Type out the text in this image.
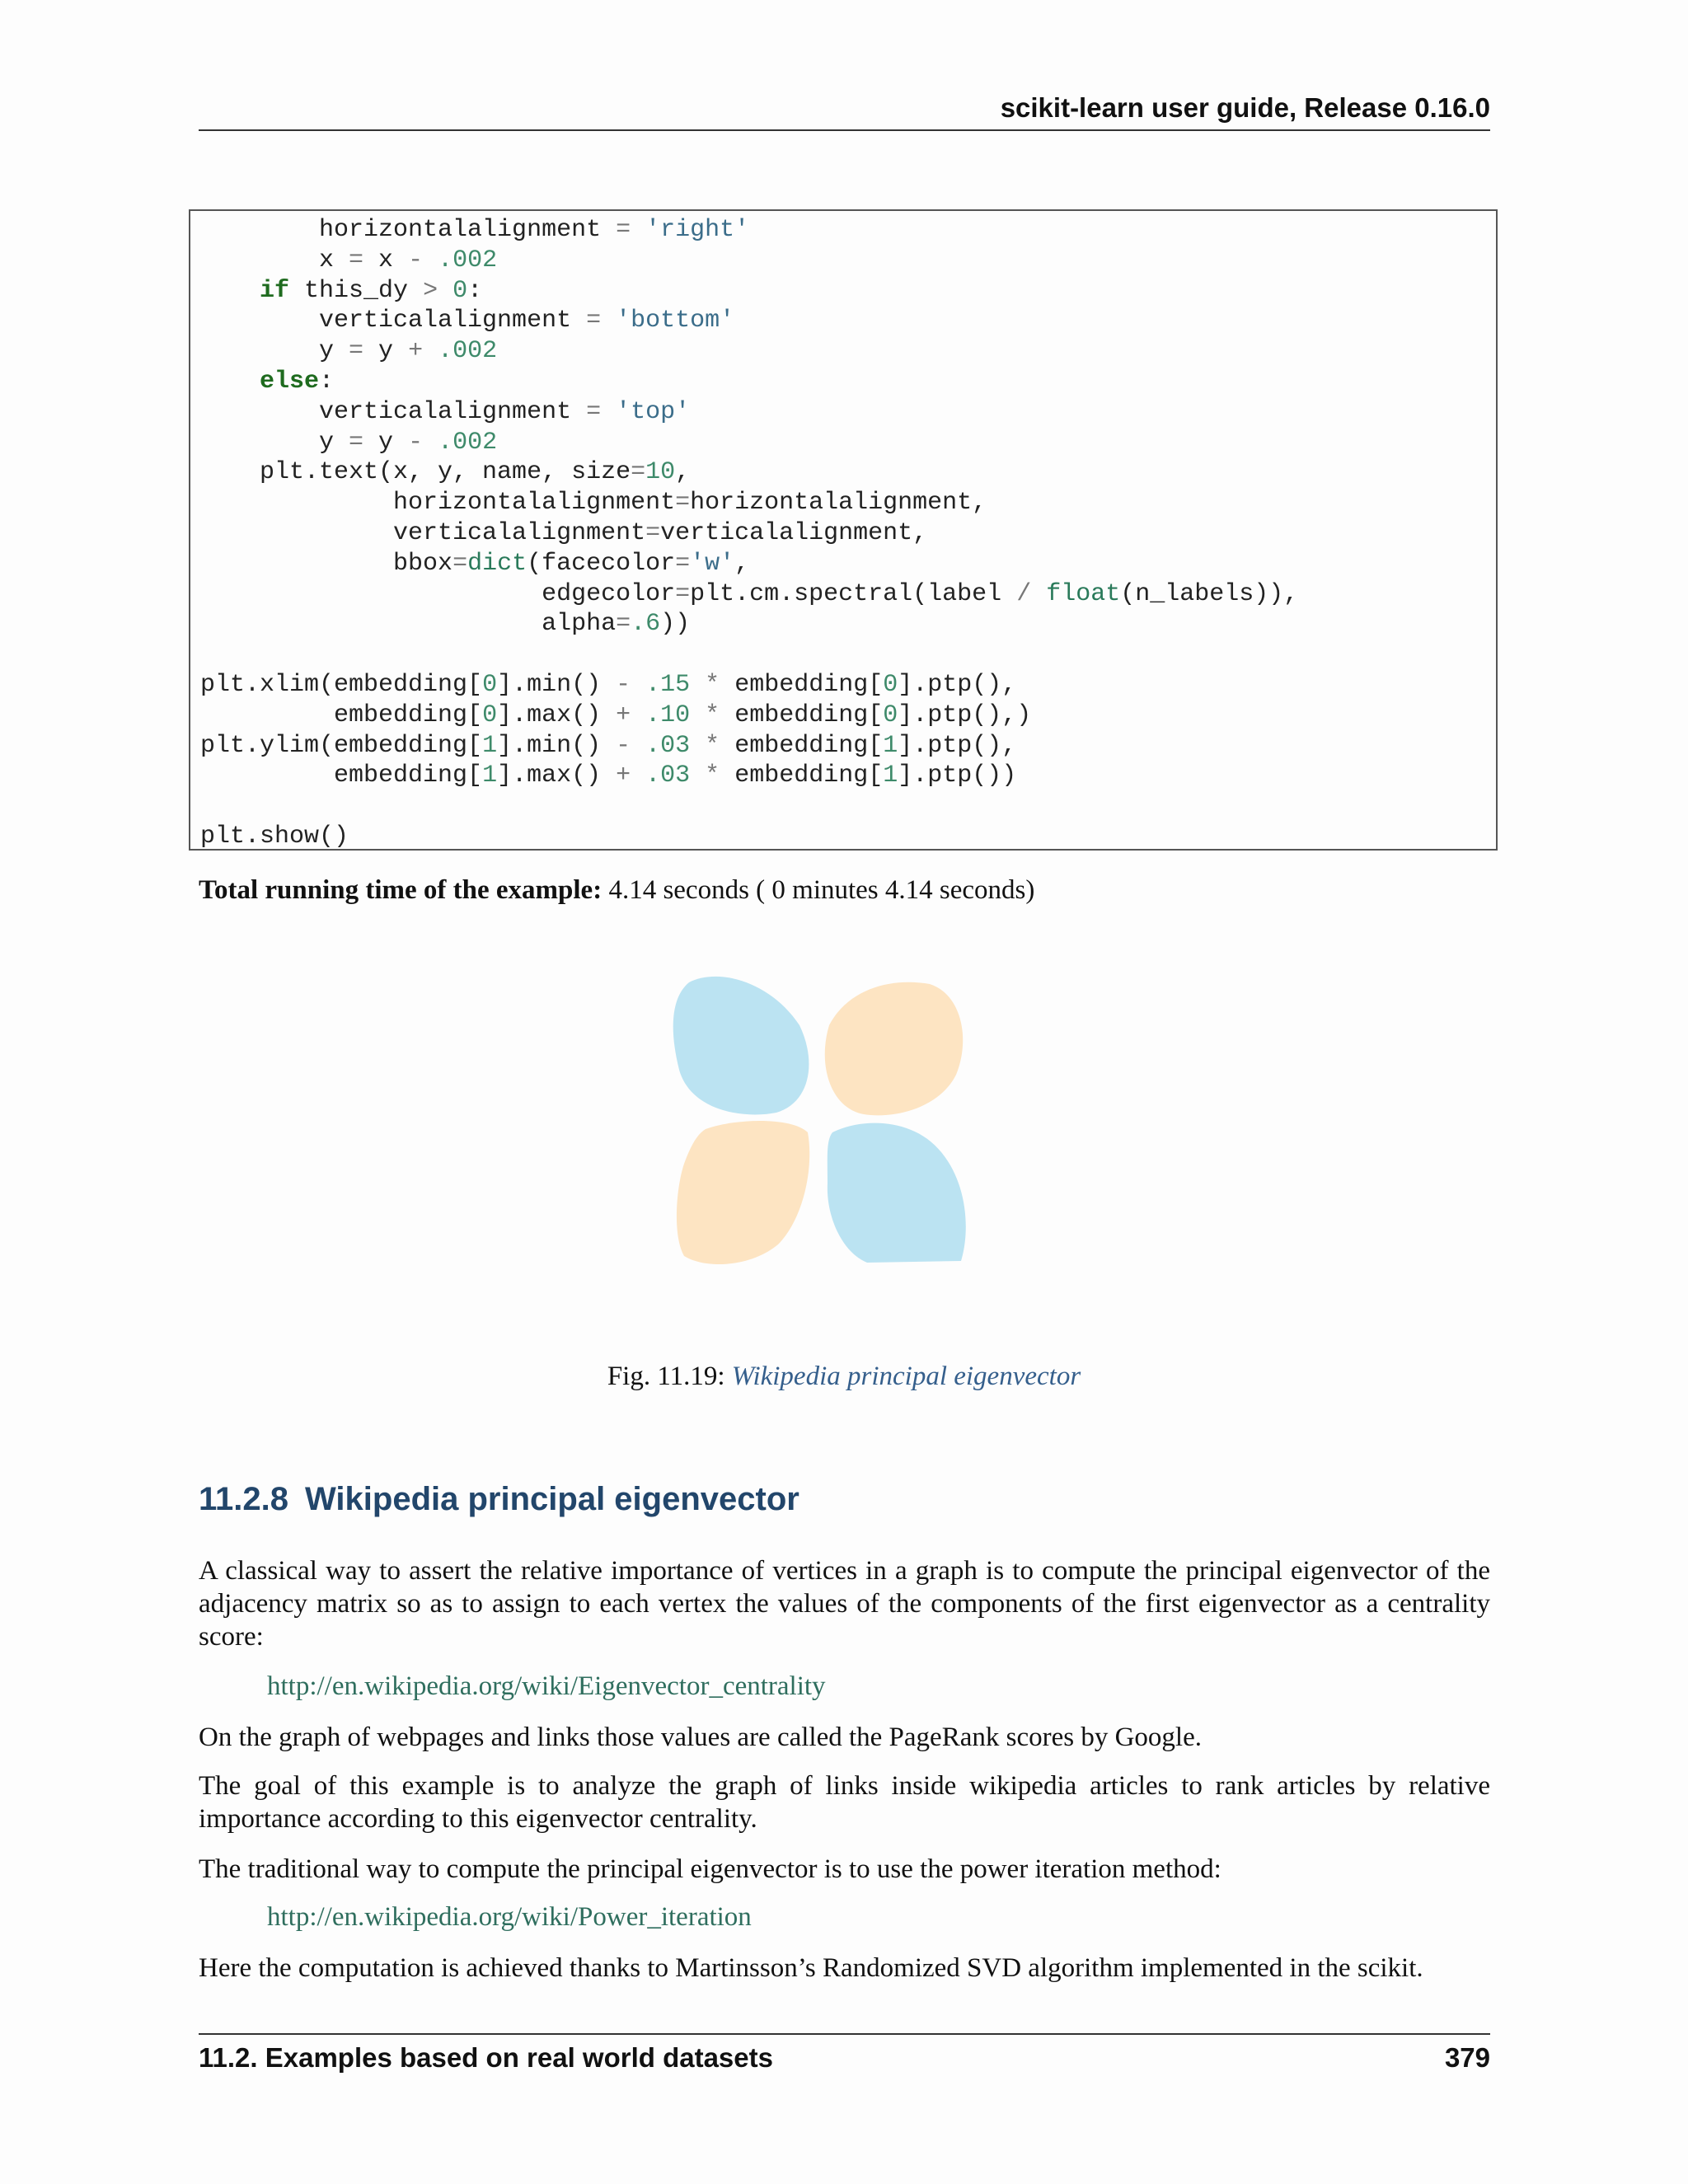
scikit-learn user guide, Release 0.16.0
horizontalalignment = 'right'
x = x - .002
if this_dy > 0:
verticalalignment = 'bottom'
y = y + .002
else:
verticalalignment = 'top'
y = y - .002
plt.text(x, y, name, size=10,
horizontalalignment=horizontalalignment,
verticalalignment=verticalalignment,
bbox=dict(facecolor='w',
edgecolor=plt.cm.spectral(label / float(n_labels)),
alpha=.6))

plt.xlim(embedding[0].min() - .15 * embedding[0].ptp(),
embedding[0].max() + .10 * embedding[0].ptp(),)
plt.ylim(embedding[1].min() - .03 * embedding[1].ptp(),
embedding[1].max() + .03 * embedding[1].ptp())

plt.show()
Total running time of the example: 4.14 seconds ( 0 minutes 4.14 seconds)
Fig. 11.19: Wikipedia principal eigenvector
11.2.8 Wikipedia principal eigenvector

A classical way to assert the relative importance of vertices in a graph is to compute the principal eigenvector of the adjacency matrix so as to assign to each vertex the values of the components of the first eigenvector as a centrality score:

http://en.wikipedia.org/wiki/Eigenvector_centrality

On the graph of webpages and links those values are called the PageRank scores by Google.

The goal of this example is to analyze the graph of links inside wikipedia articles to rank articles by relative importance according to this eigenvector centrality.

The traditional way to compute the principal eigenvector is to use the power iteration method:

http://en.wikipedia.org/wiki/Power_iteration

Here the computation is achieved thanks to Martinsson’s Randomized SVD algorithm implemented in the scikit.

11.2. Examples based on real world datasets	379
